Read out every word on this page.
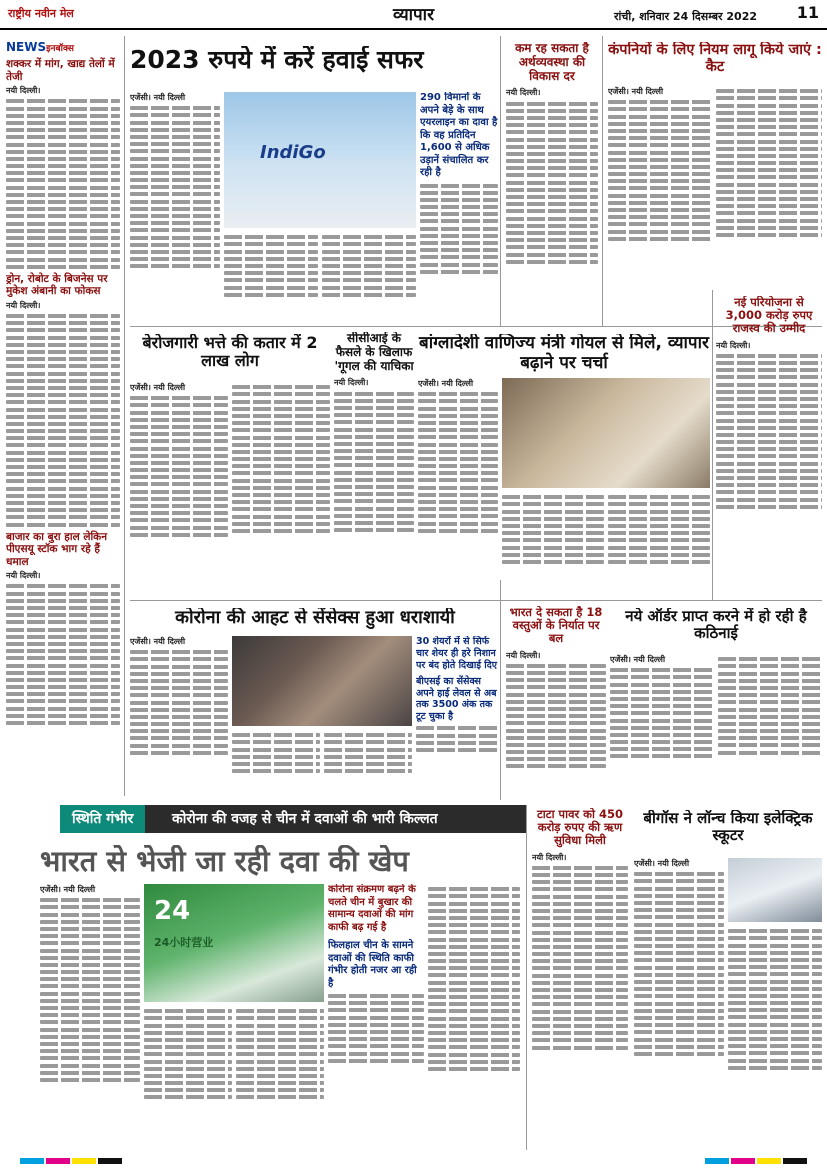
राष्ट्रीय नवीन मेल	व्यापार	रांची, शनिवार 24 दिसम्बर 2022 11
NEWSइनबॉक्स
शक्कर में मांग, खाद्य तेलों में तेजी
नयी दिल्ली।
ड्रोन, रोबोट के बिजनेस पर मुकेश अंबानी का फोकस
नयी दिल्ली।
बाजार का बुरा हाल लेकिन पीएसयू स्टॉक भाग रहे हैं धमाल
नयी दिल्ली।
2023 रुपये में करें हवाई सफर
एजेंसी। नयी दिल्ली
IndiGo
290 विमानों के अपने बेड़े के साथ एयरलाइन का दावा है कि वह प्रतिदिन 1,600 से अधिक उड़ानें संचालित कर रही है
कम रह सकता है अर्थव्यवस्था की विकास दर
नयी दिल्ली।
कंपनियों के लिए नियम लागू किये जाएं : कैट
एजेंसी। नयी दिल्ली
बेरोजगारी भत्ते की कतार में 2 लाख लोग
एजेंसी। नयी दिल्ली
सीसीआई के फैसले के खिलाफ 'गूगल की याचिका
नयी दिल्ली।
बांग्लादेशी वाणिज्य मंत्री गोयल से मिले, व्यापार बढ़ाने पर चर्चा
एजेंसी। नयी दिल्ली
नई परियोजना से 3,000 करोड़ रुपए राजस्व की उम्मीद
नयी दिल्ली।
कोरोना की आहट से सेंसेक्स हुआ धराशायी
एजेंसी। नयी दिल्ली	30 शेयरों में से सिर्फ चार शेयर ही हरे निशान पर बंद होते दिखाई दिए
बीएसई का सेंसेक्स अपने हाई लेवल से अब तक 3500 अंक तक टूट चुका है
भारत दे सकता है 18 वस्तुओं के निर्यात पर बल
नयी दिल्ली।
नये ऑर्डर प्राप्त करने में हो रही है कठिनाई
एजेंसी। नयी दिल्ली
स्थिति गंभीर	कोरोना की वजह से चीन में दवाओं की भारी किल्लत
भारत से भेजी जा रही दवा की खेप
एजेंसी। नयी दिल्ली
24
24小时营业
कोरोना संक्रमण बढ़ने के चलते चीन में बुखार की सामान्य दवाओं की मांग काफी बढ़ गई है
फिलहाल चीन के सामने दवाओं की स्थिति काफी गंभीर होती नजर आ रही है
टाटा पावर को 450 करोड़ रुपए की ऋण सुविधा मिली
नयी दिल्ली।
बीगॉस ने लॉन्च किया इलेक्ट्रिक स्कूटर
एजेंसी। नयी दिल्ली
